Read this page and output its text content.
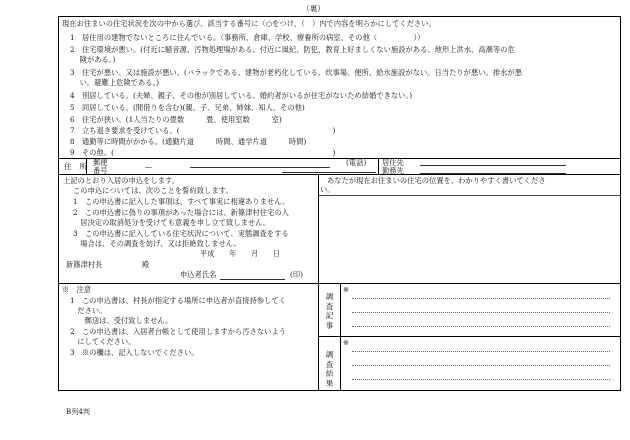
（裏）
現在お住まいの住宅状況を次の中から選び、該当する番号に（○をつけ、（　）内で内容を明らかにしてください。
1　居住用の建物でないところに住んでいる。（事務所、倉庫、学校、療養所の病室、その他（　　　　　））
2　住宅環境が悪い。(付近に騒音源、汚物処理場がある。付近に風紀、防犯、教育上好ましくない施設がある。地形上洪水、高潮等の危
　 険がある。)
3　住宅が悪い、又は施設が悪い。(バラックである。建物が老朽化している。炊事場、便所、給水施設がない。日当たりが悪い。排水が悪
　 い。避難上危険である。)
4　別居している。(夫婦、親子、その他が別居している。婚約者がいるが住宅がないため結婚できない。)
5　同居している。(間借りを含む)(親、子、兄弟、姉妹、知人、その他)
6　住宅が狭い。(1人当たりの畳数　　　畳、使用室数　　　室)
7　立ち退き要求を受けている。(　　　　　　　　　　　　　　　　　　　　　)
8　通勤等に時間がかかる。(通勤片道　　　時間、通学片道　　　時間)
9　その他。(　　　　　　　　　　　　　　　　　　　　　　　　　　　　　　)
住　所 郵便
番号	—	(電話) 居住先
勤務先
上記のとおり入居の申込をします。
この申込については、次のことを誓約致します。
1　この申込書に記入した事項は、すべて事実に相違ありません。
2　この申込書に偽りの事項があった場合には、新篠津村住宅の入
　居決定の取消処分を受けても意義を申し立て致しません。
3　この申込書に記入している住宅状況について、実態調査をする
　場合は、その調査を妨げ、又は拒絶致しません。
平成　　年　　月　　日
新篠津村長	殿
申込者氏名	(印)
あなたが現在お住まいの住宅の位置を、わかりやすく書いてくださ
い。
※　注意
1　この申込書は、村長が指定する場所に申込者が直接持参してく
　ださい。
　　郵送は、受付致しません。
2　この申込書は、入居者台帳として使用しますから汚さないよう
　にしてください。
3　※の欄は、記入しないでください。
調査記事
※
調査結果
※
B列4判
